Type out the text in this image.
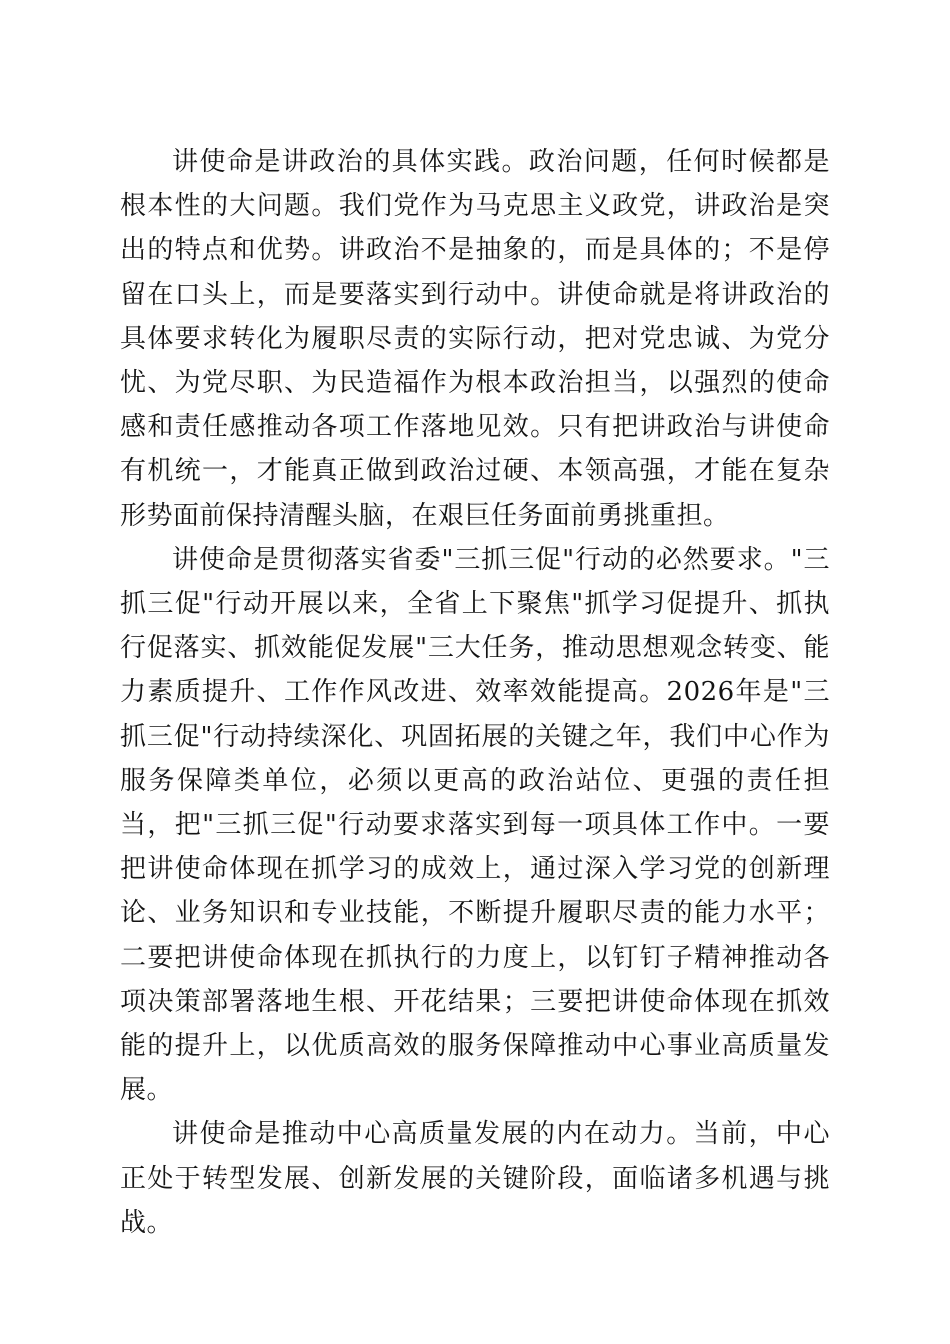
讲使命是讲政治的具体实践。政治问题，任何时候都是根本性的大问题。我们党作为马克思主义政党，讲政治是突出的特点和优势。讲政治不是抽象的，而是具体的；不是停留在口头上，而是要落实到行动中。讲使命就是将讲政治的具体要求转化为履职尽责的实际行动，把对党忠诚、为党分忧、为党尽职、为民造福作为根本政治担当，以强烈的使命感和责任感推动各项工作落地见效。只有把讲政治与讲使命有机统一，才能真正做到政治过硬、本领高强，才能在复杂形势面前保持清醒头脑，在艰巨任务面前勇挑重担。

讲使命是贯彻落实省委"三抓三促"行动的必然要求。"三抓三促"行动开展以来，全省上下聚焦"抓学习促提升、抓执行促落实、抓效能促发展"三大任务，推动思想观念转变、能力素质提升、工作作风改进、效率效能提高。2026年是"三抓三促"行动持续深化、巩固拓展的关键之年，我们中心作为服务保障类单位，必须以更高的政治站位、更强的责任担当，把"三抓三促"行动要求落实到每一项具体工作中。一要把讲使命体现在抓学习的成效上，通过深入学习党的创新理论、业务知识和专业技能，不断提升履职尽责的能力水平；二要把讲使命体现在抓执行的力度上，以钉钉子精神推动各项决策部署落地生根、开花结果；三要把讲使命体现在抓效能的提升上，以优质高效的服务保障推动中心事业高质量发展。

讲使命是推动中心高质量发展的内在动力。当前，中心正处于转型发展、创新发展的关键阶段，面临诸多机遇与挑战。
